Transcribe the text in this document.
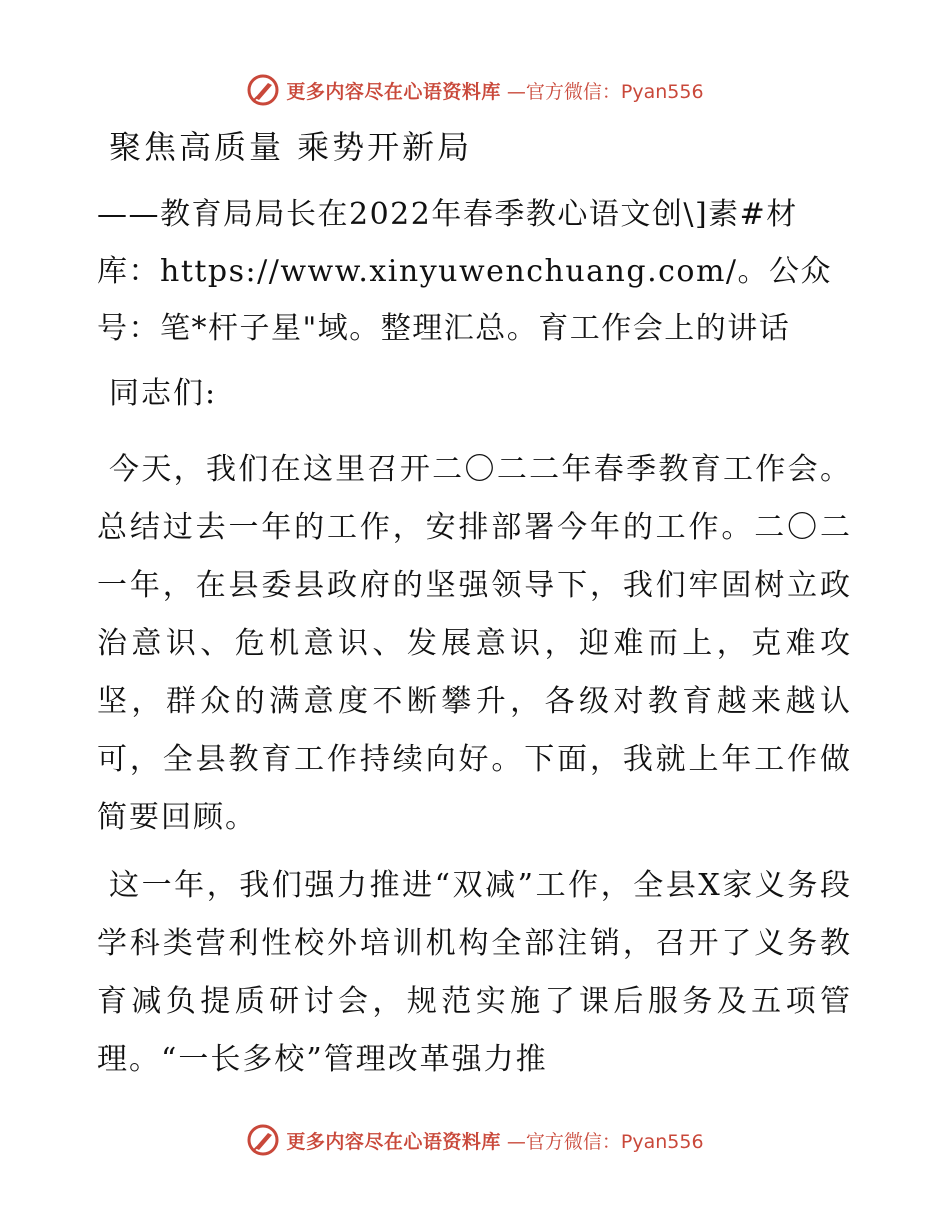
更多内容尽在心语资料库 —官方微信：Pyan556
聚焦高质量 乘势开新局
——教育局局长在2022年春季教心语文创\]素#材库：https://www.xinyuwenchuang.com/。公众号：笔*杆子星"域。整理汇总。育工作会上的讲话
同志们:

今天，我们在这里召开二〇二二年春季教育工作会。总结过去一年的工作，安排部署今年的工作。二〇二一年，在县委县政府的坚强领导下，我们牢固树立政治意识、危机意识、发展意识，迎难而上，克难攻坚，群众的满意度不断攀升，各级对教育越来越认可，全县教育工作持续向好。下面，我就上年工作做简要回顾。

这一年，我们强力推进“双减”工作，全县X家义务段学科类营利性校外培训机构全部注销，召开了义务教育减负提质研讨会，规范实施了课后服务及五项管理。“一长多校”管理改革强力推

更多内容尽在心语资料库 —官方微信：Pyan556
